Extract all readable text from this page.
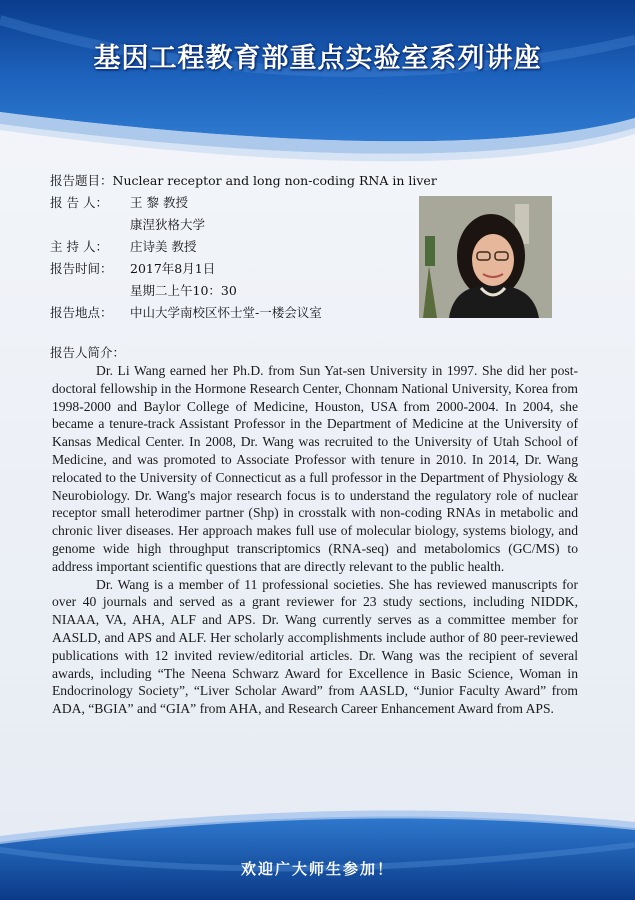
基因工程教育部重点实验室系列讲座
报告题目： Nuclear receptor and long non-coding RNA in liver
报 告 人：	王 黎 教授
康涅狄格大学
主 持 人：	庄诗美 教授
报告时间：	2017年8月1日
星期二上午10：30
报告地点：	中山大学南校区怀士堂-一楼会议室
报告人简介：

Dr. Li Wang earned her Ph.D. from Sun Yat-sen University in 1997. She did her post-doctoral fellowship in the Hormone Research Center, Chonnam National University, Korea from 1998-2000 and Baylor College of Medicine, Houston, USA from 2000-2004. In 2004, she became a tenure-track Assistant Professor in the Department of Medicine at the University of Kansas Medical Center. In 2008, Dr. Wang was recruited to the University of Utah School of Medicine, and was promoted to Associate Professor with tenure in 2010. In 2014, Dr. Wang relocated to the University of Connecticut as a full professor in the Department of Physiology & Neurobiology. Dr. Wang's major research focus is to understand the regulatory role of nuclear receptor small heterodimer partner (Shp) in crosstalk with non-coding RNAs in metabolic and chronic liver diseases. Her approach makes full use of molecular biology, systems biology, and genome wide high throughput transcriptomics (RNA-seq) and metabolomics (GC/MS) to address important scientific questions that are directly relevant to the public health.

Dr. Wang is a member of 11 professional societies. She has reviewed manuscripts for over 40 journals and served as a grant reviewer for 23 study sections, including NIDDK, NIAAA, VA, AHA, ALF and APS. Dr. Wang currently serves as a committee member for AASLD, and APS and ALF. Her scholarly accomplishments include author of 80 peer-reviewed publications with 12 invited review/editorial articles. Dr. Wang was the recipient of several awards, including “The Neena Schwarz Award for Excellence in Basic Science, Woman in Endocrinology Society”, “Liver Scholar Award” from AASLD, “Junior Faculty Award” from ADA, “BGIA” and “GIA” from AHA, and Research Career Enhancement Award from APS.

欢迎广大师生参加！
